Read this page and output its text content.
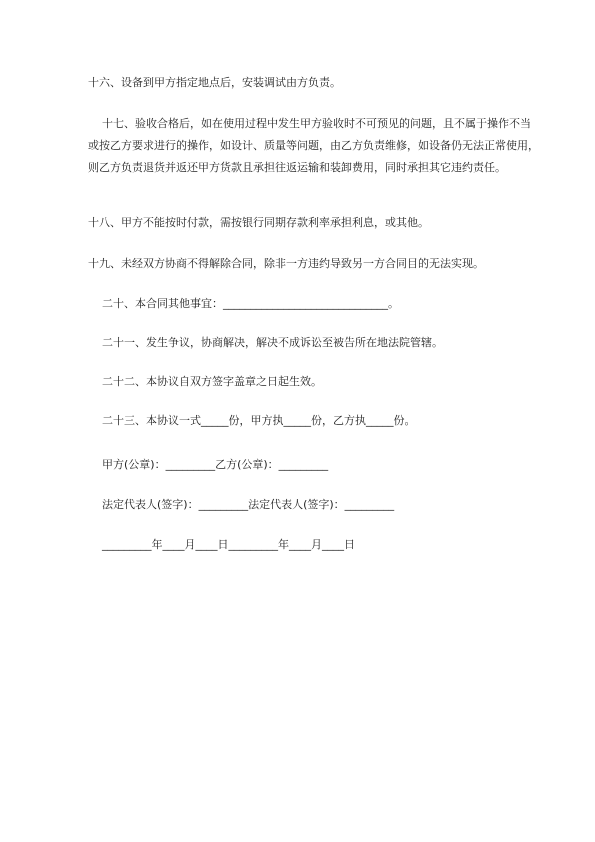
十六、设备到甲方指定地点后，安装调试由方负责。

十七、验收合格后，如在使用过程中发生甲方验收时不可预见的问题，且不属于操作不当或按乙方要求进行的操作，如设计、质量等问题，由乙方负责维修，如设备仍无法正常使用，则乙方负责退货并返还甲方货款且承担往返运输和装卸费用，同时承担其它违约责任。

十八、甲方不能按时付款，需按银行同期存款利率承担利息，或其他。

十九、未经双方协商不得解除合同，除非一方违约导致另一方合同目的无法实现。

二十、本合同其他事宜：______________________________。

二十一、发生争议，协商解决，解决不成诉讼至被告所在地法院管辖。

二十二、本协议自双方签字盖章之日起生效。

二十三、本协议一式_____份，甲方执_____份，乙方执_____份。

甲方(公章)：_________乙方(公章)：_________

法定代表人(签字)：_________法定代表人(签字)：_________

_________年____月____日_________年____月____日
